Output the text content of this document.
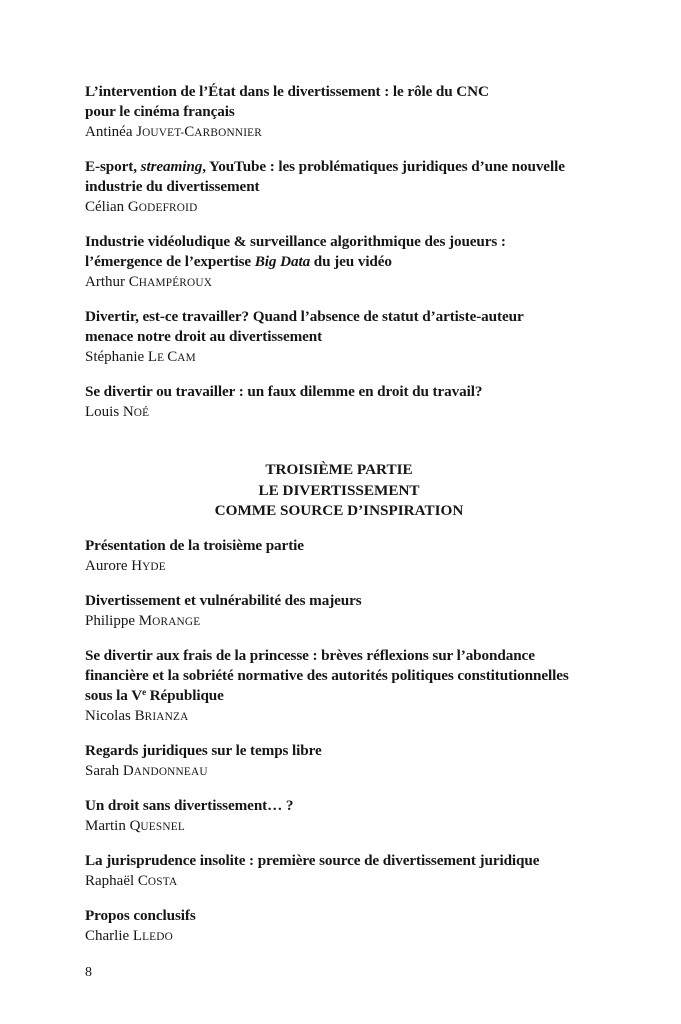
L’intervention de l’État dans le divertissement : le rôle du CNC
pour le cinéma français
Antinéa JOUVET-CARBONNIER
E-sport, streaming, YouTube : les problématiques juridiques d’une nouvelle
industrie du divertissement
Célian GODEFROID
Industrie vidéoludique & surveillance algorithmique des joueurs :
l’émergence de l’expertise Big Data du jeu vidéo
Arthur CHAMPÉROUX
Divertir, est-ce travailler? Quand l’absence de statut d’artiste-auteur
menace notre droit au divertissement
Stéphanie LE CAM
Se divertir ou travailler : un faux dilemme en droit du travail?
Louis NOÉ
TROISIÈME PARTIE
LE DIVERTISSEMENT
COMME SOURCE D’INSPIRATION
Présentation de la troisième partie
Aurore HYDE
Divertissement et vulnérabilité des majeurs
Philippe MORANGE
Se divertir aux frais de la princesse : brèves réflexions sur l’abondance
financière et la sobriété normative des autorités politiques constitutionnelles
sous la Ve République
Nicolas BRIANZA
Regards juridiques sur le temps libre
Sarah DANDONNEAU
Un droit sans divertissement… ?
Martin QUESNEL
La jurisprudence insolite : première source de divertissement juridique
Raphaël COSTA
Propos conclusifs
Charlie LLEDO
8
